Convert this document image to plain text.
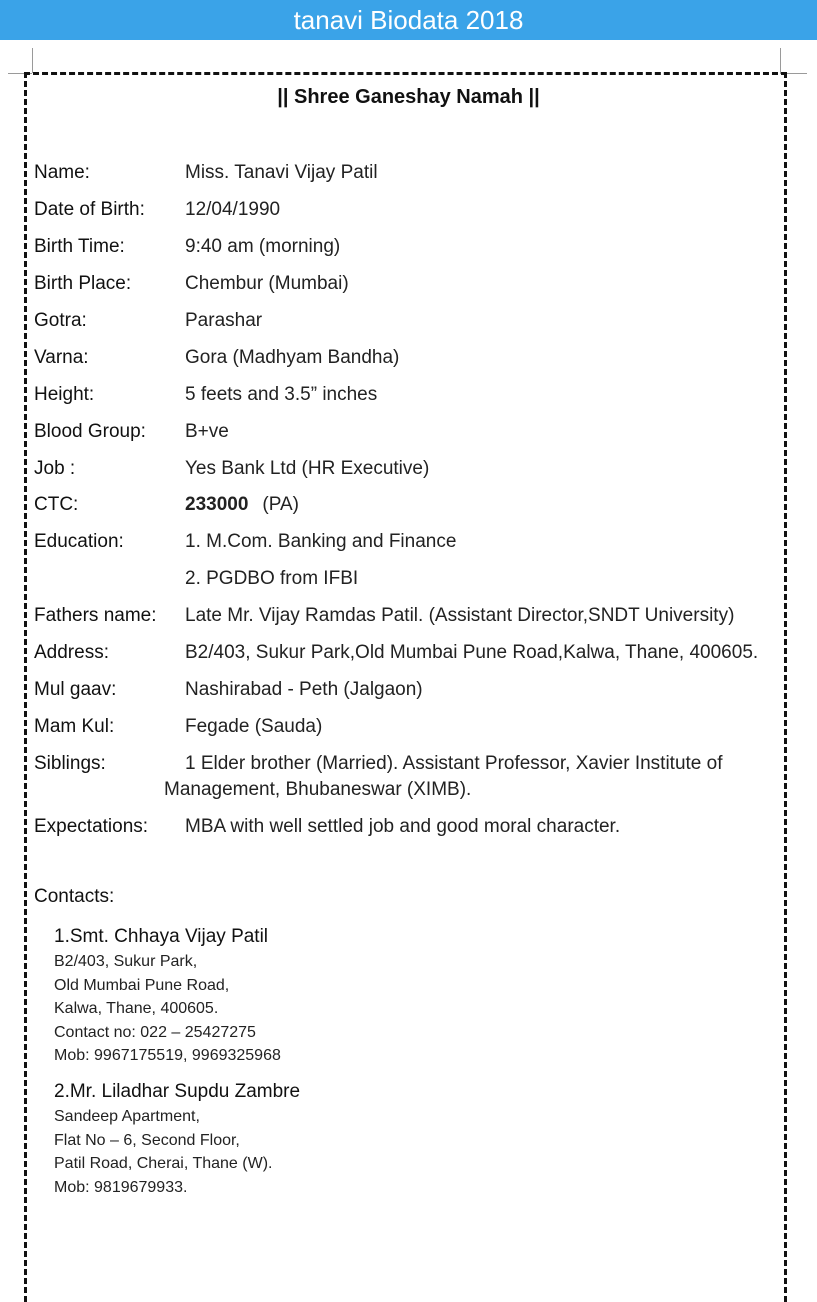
tanavi Biodata 2018
|| Shree Ganeshay Namah ||
Name:	Miss. Tanavi Vijay Patil
Date of Birth: 12/04/1990
Birth Time:	9:40 am (morning)
Birth Place:	Chembur (Mumbai)
Gotra:	Parashar
Varna:	Gora (Madhyam Bandha)
Height:	5 feets and 3.5” inches
Blood Group: B+ve
Job :	Yes Bank Ltd (HR Executive)
CTC:	233000 (PA)
Education:	1. M.Com. Banking and Finance
2. PGDBO from IFBI
Fathers name: Late Mr. Vijay Ramdas Patil. (Assistant Director,SNDT University)
Address:	B2/403, Sukur Park,Old Mumbai Pune Road,Kalwa, Thane, 400605.
Mul gaav:	Nashirabad - Peth (Jalgaon)
Mam Kul:	Fegade (Sauda)
Siblings:	1 Elder brother (Married). Assistant Professor, Xavier Institute of Management, Bhubaneswar (XIMB).
Expectations: MBA with well settled job and good moral character.
Contacts:
1.Smt. Chhaya Vijay Patil
B2/403, Sukur Park,
Old Mumbai Pune Road,
Kalwa, Thane, 400605.
Contact no: 022 – 25427275
Mob: 9967175519, 9969325968
2.Mr. Liladhar Supdu Zambre
Sandeep Apartment,
Flat No – 6, Second Floor,
Patil Road, Cherai, Thane (W).
Mob: 9819679933.
